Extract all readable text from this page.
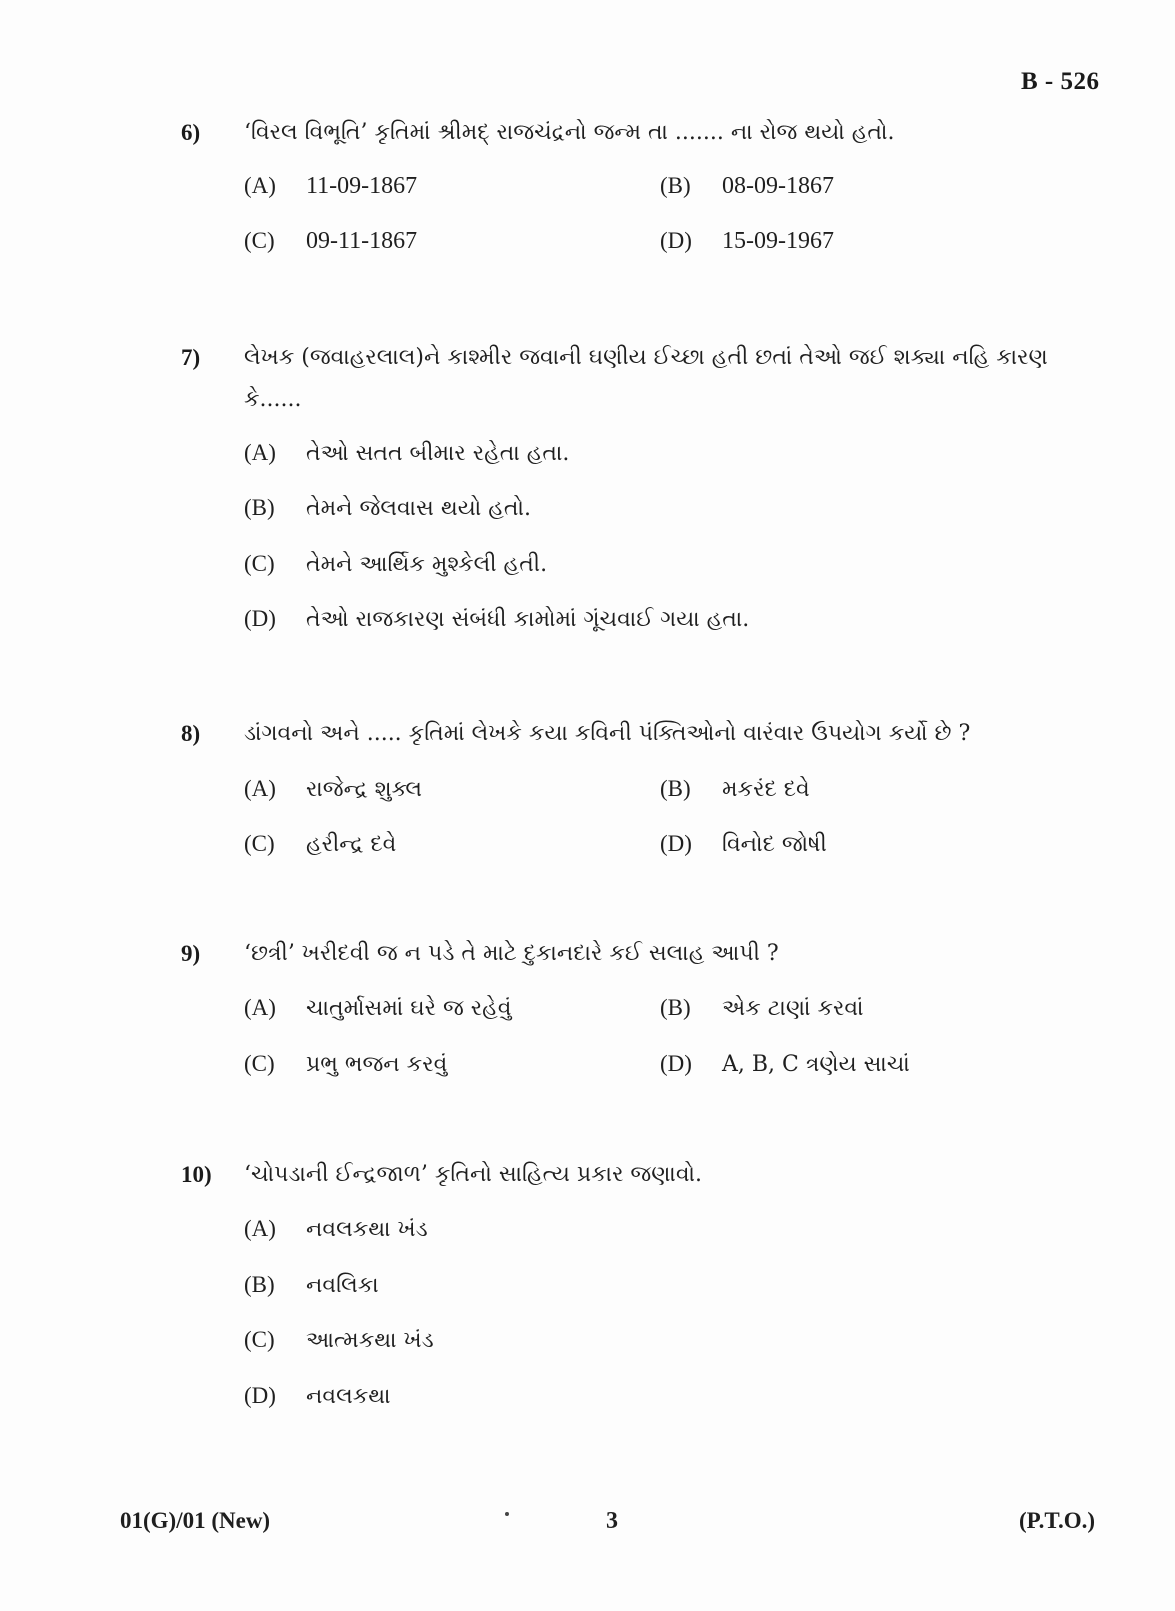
B - 526
6) ‘વિરલ વિભૂતિ’ કૃતિમાં શ્રીમદ્ રાજચંદ્રનો જન્મ તા ....... ના રોજ થયો હતો.
(A) 11-09-1867	(B) 08-09-1867
(C) 09-11-1867	(D) 15-09-1967
7) લેખક (જવાહરલાલ)ને કાશ્મીર જવાની ઘણીય ઈચ્છા હતી છતાં તેઓ જઈ શક્યા નહિ કારણ કે......
(A) તેઓ સતત બીમાર રહેતા હતા.
(B) તેમને જેલવાસ થયો હતો.
(C) તેમને આર્થિક મુશ્કેલી હતી.
(D) તેઓ રાજકારણ સંબંધી કામોમાં ગૂંચવાઈ ગયા હતા.
8) ડાંગવનો અને ..... કૃતિમાં લેખકે કયા કવિની પંક્તિઓનો વારંવાર ઉપયોગ કર્યો છે ?
(A) રાજેન્દ્ર શુક્લ	(B) મકરંદ દવે
(C) હરીન્દ્ર દવે	(D) વિનોદ જોષી
9) ‘છત્રી’ ખરીદવી જ ન પડે તે માટે દુકાનદારે કઈ સલાહ આપી ?
(A) ચાતુર્માસમાં ઘરે જ રહેવું	(B) એક ટાણાં કરવાં
(C) પ્રભુ ભજન કરવું	(D) A, B, C ત્રણેય સાચાં
10) ‘ચોપડાની ઈન્દ્રજાળ’ કૃતિનો સાહિત્ય પ્રકાર જણાવો.
(A) નવલકથા ખંડ
(B) નવલિકા
(C) આત્મકથા ખંડ
(D) નવલકથા
01(G)/01 (New)	3	(P.T.O.)
